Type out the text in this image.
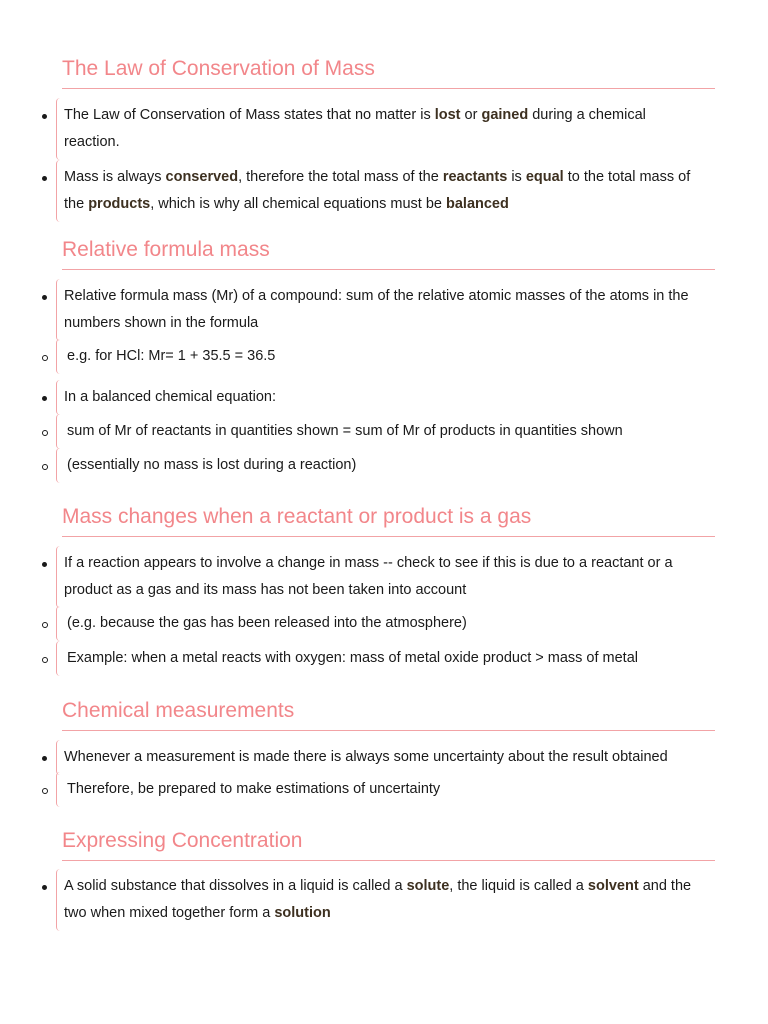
The Law of Conservation of Mass
The Law of Conservation of Mass states that no matter is lost or gained during a chemical reaction.
Mass is always conserved, therefore the total mass of the reactants is equal to the total mass of the products, which is why all chemical equations must be balanced
Relative formula mass
Relative formula mass (Mr) of a compound: sum of the relative atomic masses of the atoms in the numbers shown in the formula
e.g. for HCl: Mr= 1 + 35.5 = 36.5
In a balanced chemical equation:
sum of Mr of reactants in quantities shown = sum of Mr of products in quantities shown
(essentially no mass is lost during a reaction)
Mass changes when a reactant or product is a gas
If a reaction appears to involve a change in mass -- check to see if this is due to a reactant or a product as a gas and its mass has not been taken into account
(e.g. because the gas has been released into the atmosphere)
Example: when a metal reacts with oxygen: mass of metal oxide product > mass of metal
Chemical measurements
Whenever a measurement is made there is always some uncertainty about the result obtained
Therefore, be prepared to make estimations of uncertainty
Expressing Concentration
A solid substance that dissolves in a liquid is called a solute, the liquid is called a solvent and the two when mixed together form a solution
